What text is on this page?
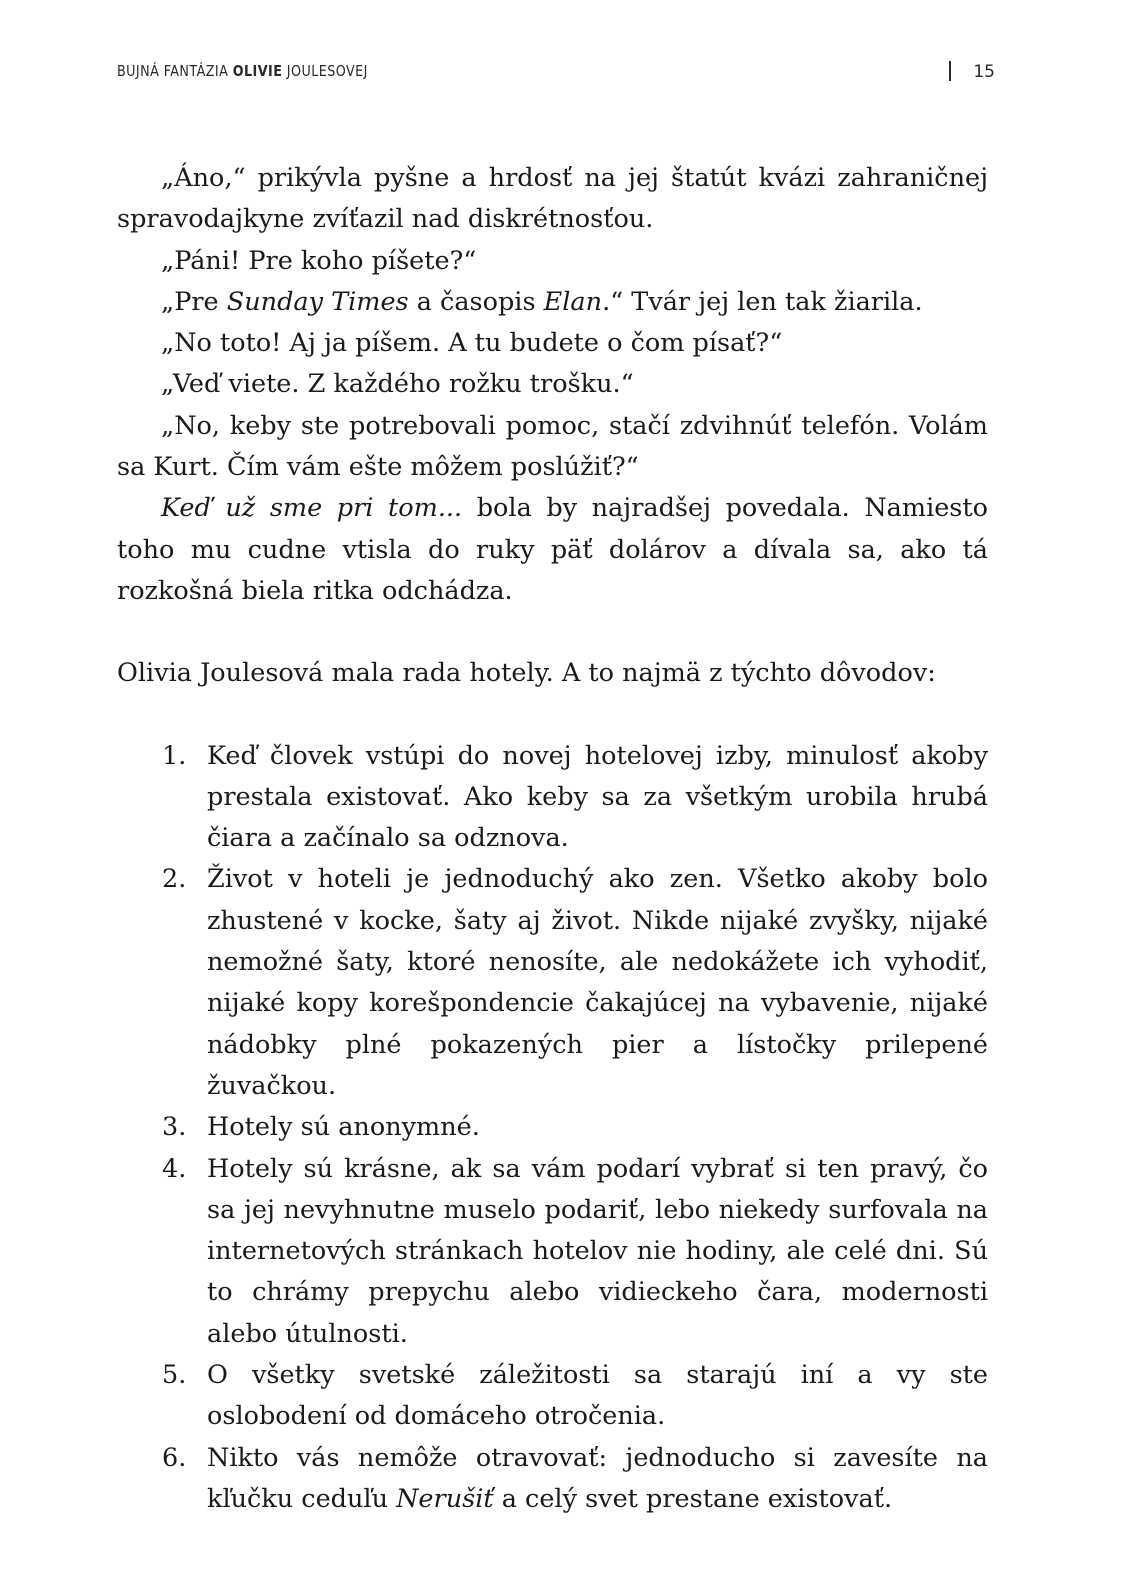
BUJNÁ FANTÁZIA OLIVIE JOULESOVEJ	15

„Áno,“ prikývla pyšne a hrdosť na jej štatút kvázi zahraničnej spravodajkyne zvíťazil nad diskrétnosťou.

„Páni! Pre koho píšete?“

„Pre Sunday Times a časopis Elan.“ Tvár jej len tak žiarila.

„No toto! Aj ja píšem. A tu budete o čom písať?“

„Veď viete. Z každého rožku trošku.“

„No, keby ste potrebovali pomoc, stačí zdvihnúť telefón. Volám sa Kurt. Čím vám ešte môžem poslúžiť?“

Keď už sme pri tom... bola by najradšej povedala. Namiesto toho mu cudne vtisla do ruky päť dolárov a dívala sa, ako tá rozkošná biela ritka odchádza.

Olivia Joulesová mala rada hotely. A to najmä z týchto dôvodov:

1. Keď človek vstúpi do novej hotelovej izby, minulosť akoby prestala existovať. Ako keby sa za všetkým urobila hrubá čiara a začínalo sa odznova.
2. Život v hoteli je jednoduchý ako zen. Všetko akoby bolo zhustené v kocke, šaty aj život. Nikde nijaké zvyšky, nijaké nemožné šaty, ktoré nenosíte, ale nedokážete ich vyhodiť, nijaké kopy korešpondencie čakajúcej na vybavenie, nijaké nádobky plné pokazených pier a lístočky prilepené žuvačkou.
3. Hotely sú anonymné.
4. Hotely sú krásne, ak sa vám podarí vybrať si ten pravý, čo sa jej nevyhnutne muselo podariť, lebo niekedy surfovala na internetových stránkach hotelov nie hodiny, ale celé dni. Sú to chrámy prepychu alebo vidieckeho čara, modernosti alebo útulnosti.
5. O všetky svetské záležitosti sa starajú iní a vy ste oslobodení od domáceho otročenia.
6. Nikto vás nemôže otravovať: jednoducho si zavesíte na kľučku ceduľu Nerušiť a celý svet prestane existovať.
